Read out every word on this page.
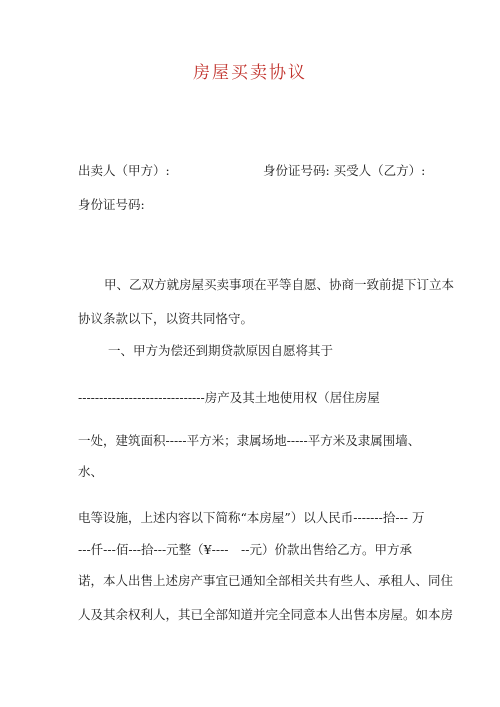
房屋买卖协议
出卖人（甲方）:	身份证号码: 买受人（乙方）:
身份证号码:
甲、乙双方就房屋买卖事项在平等自愿、协商一致前提下订立本
协议条款以下，以资共同恪守。
一、甲方为偿还到期贷款原因自愿将其于
------------------------------房产及其土地使用权（居住房屋
一处，建筑面积-----平方米；隶属场地-----平方米及隶属围墙、
水、
电等设施，上述内容以下简称“本房屋”）以人民币-------拾--- 万
---仟---佰---拾---元整（¥----　--元）价款出售给乙方。甲方承
诺，本人出售上述房产事宜已通知全部相关共有些人、承租人、同住
人及其余权利人，其已全部知道并完全同意本人出售本房屋。如本房
